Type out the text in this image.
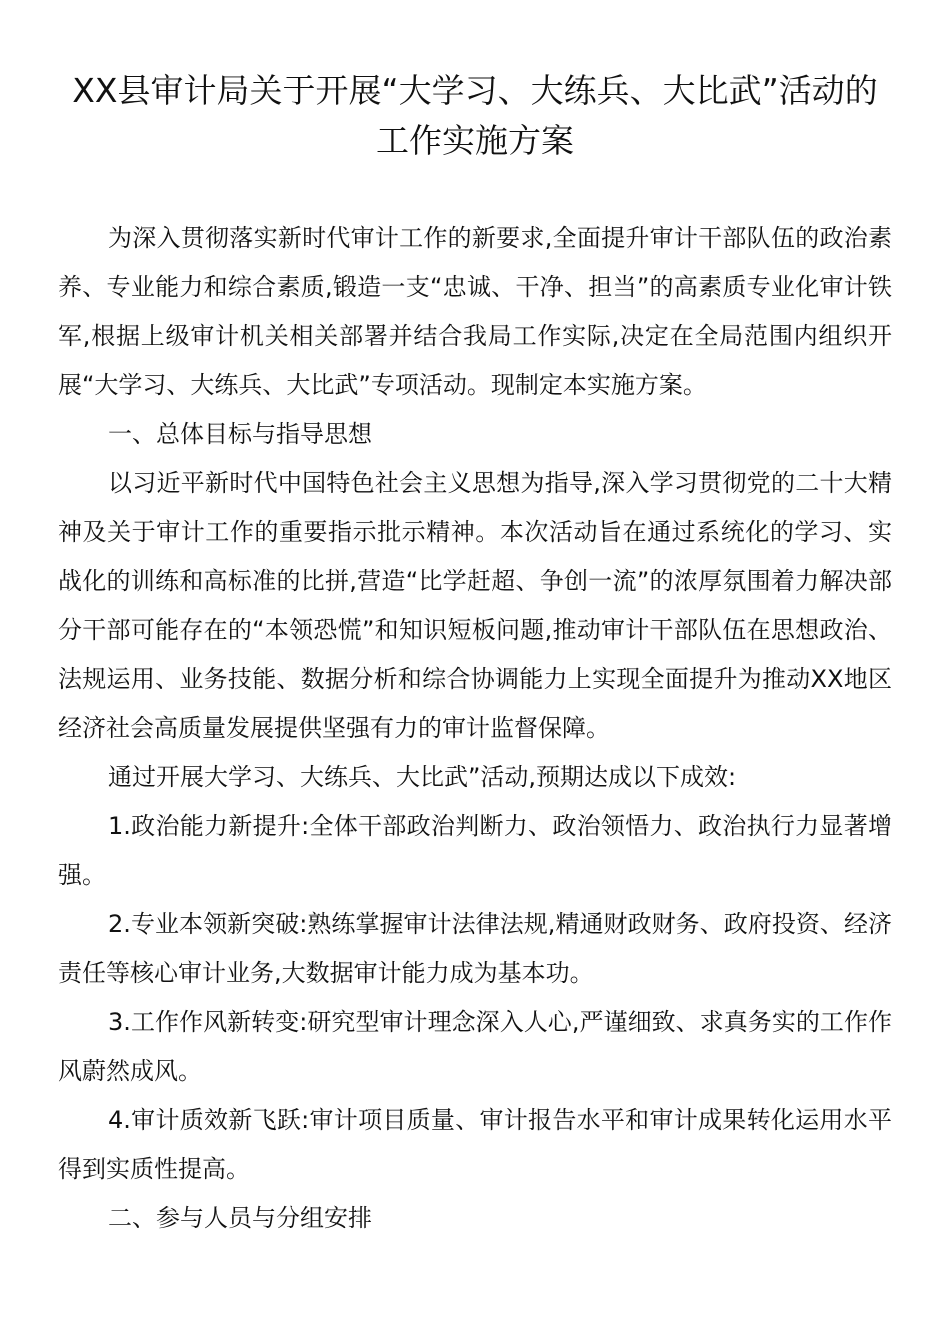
XX县审计局关于开展“大学习、大练兵、大比武”活动的工作实施方案

为深入贯彻落实新时代审计工作的新要求,全面提升审计干部队伍的政治素养、专业能力和综合素质,锻造一支“忠诚、干净、担当”的高素质专业化审计铁军,根据上级审计机关相关部署并结合我局工作实际,决定在全局范围内组织开展“大学习、大练兵、大比武”专项活动。现制定本实施方案。

一、总体目标与指导思想

以习近平新时代中国特色社会主义思想为指导,深入学习贯彻党的二十大精神及关于审计工作的重要指示批示精神。本次活动旨在通过系统化的学习、实战化的训练和高标准的比拼,营造“比学赶超、争创一流”的浓厚氛围着力解决部分干部可能存在的“本领恐慌”和知识短板问题,推动审计干部队伍在思想政治、法规运用、业务技能、数据分析和综合协调能力上实现全面提升为推动XX地区经济社会高质量发展提供坚强有力的审计监督保障。

通过开展大学习、大练兵、大比武”活动,预期达成以下成效:

1.政治能力新提升:全体干部政治判断力、政治领悟力、政治执行力显著增强。

2.专业本领新突破:熟练掌握审计法律法规,精通财政财务、政府投资、经济责任等核心审计业务,大数据审计能力成为基本功。

3.工作作风新转变:研究型审计理念深入人心,严谨细致、求真务实的工作作风蔚然成风。

4.审计质效新飞跃:审计项目质量、审计报告水平和审计成果转化运用水平得到实质性提高。

二、参与人员与分组安排
